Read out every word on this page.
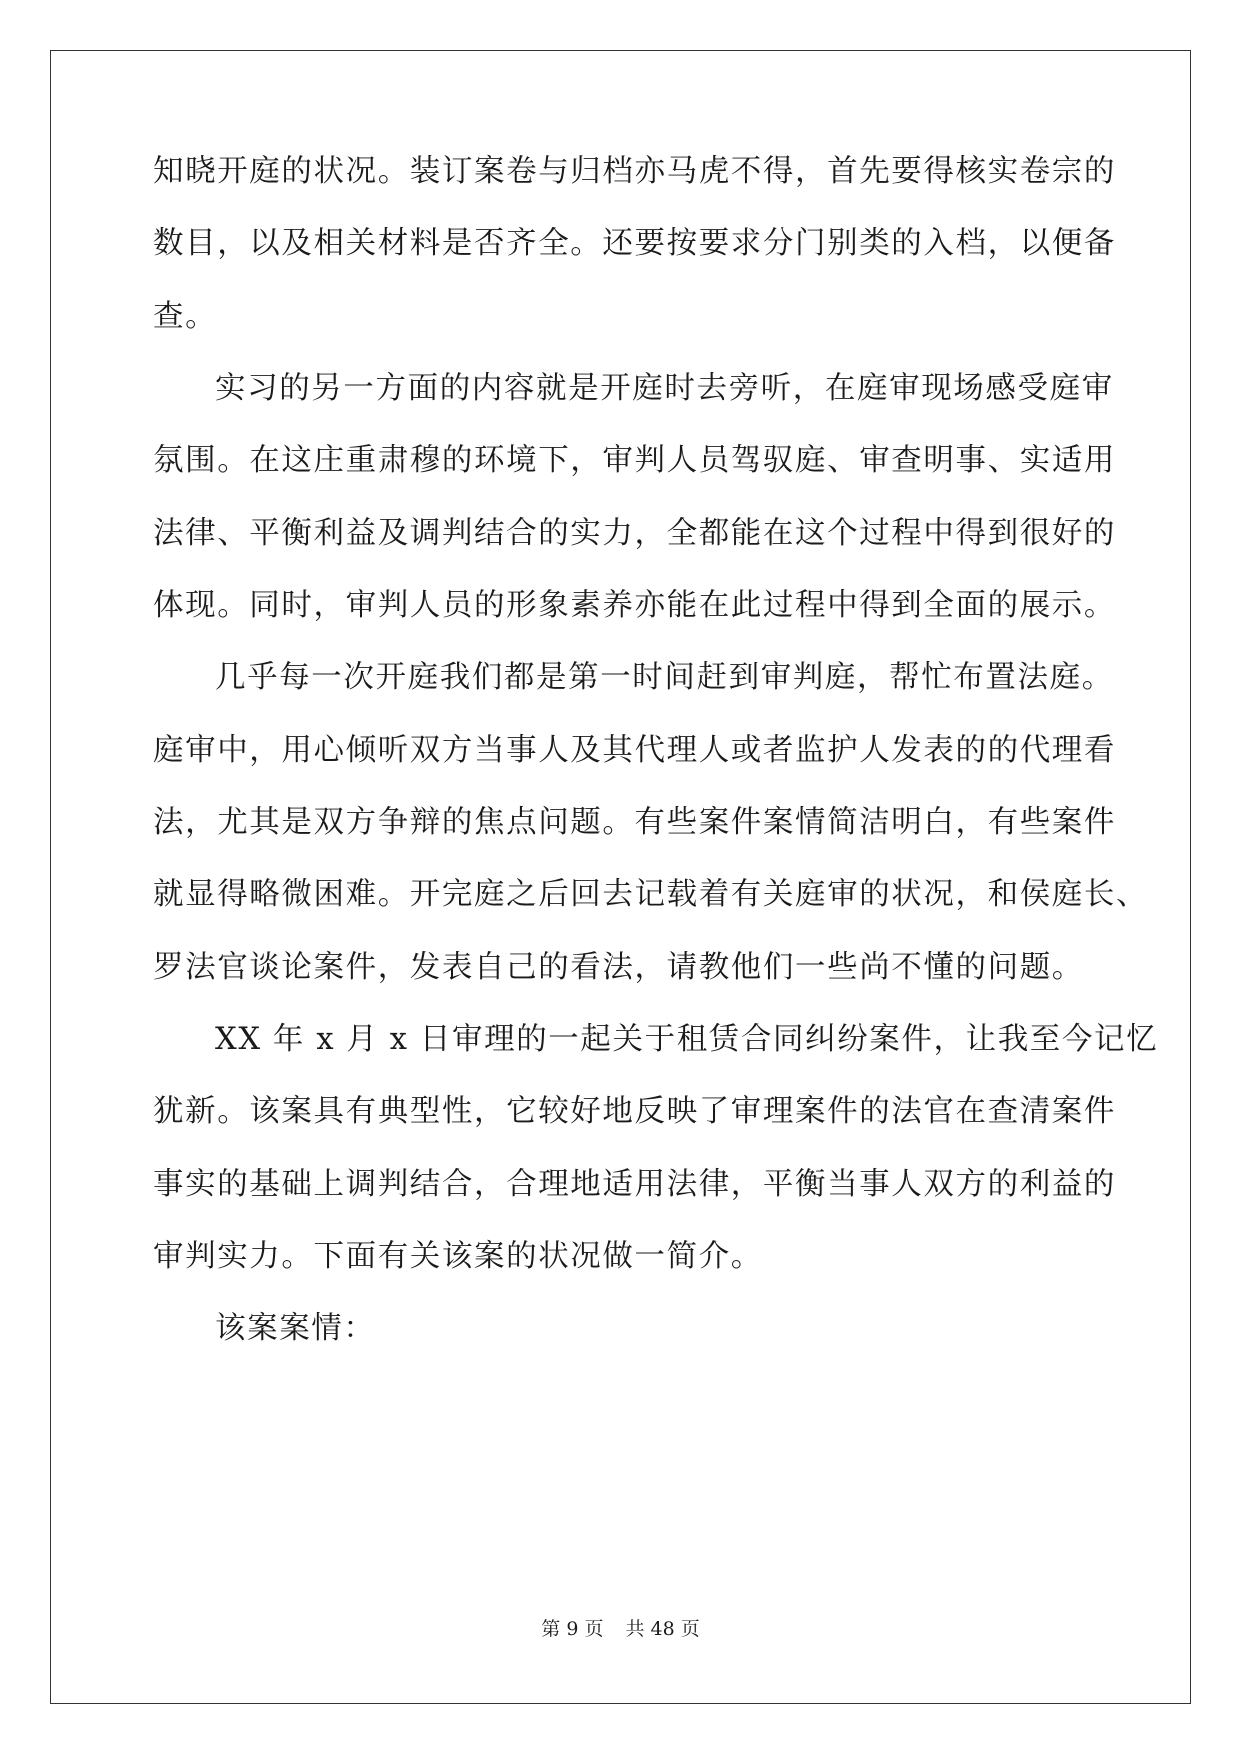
知晓开庭的状况。装订案卷与归档亦马虎不得，首先要得核实卷宗的
数目，以及相关材料是否齐全。还要按要求分门别类的入档，以便备
查。
实习的另一方面的内容就是开庭时去旁听，在庭审现场感受庭审
氛围。在这庄重肃穆的环境下，审判人员驾驭庭、审查明事、实适用
法律、平衡利益及调判结合的实力，全都能在这个过程中得到很好的
体现。同时，审判人员的形象素养亦能在此过程中得到全面的展示。
几乎每一次开庭我们都是第一时间赶到审判庭，帮忙布置法庭。
庭审中，用心倾听双方当事人及其代理人或者监护人发表的的代理看
法，尤其是双方争辩的焦点问题。有些案件案情简洁明白，有些案件
就显得略微困难。开完庭之后回去记载着有关庭审的状况，和侯庭长、
罗法官谈论案件，发表自己的看法，请教他们一些尚不懂的问题。
XX 年 x 月 x 日审理的一起关于租赁合同纠纷案件，让我至今记忆
犹新。该案具有典型性，它较好地反映了审理案件的法官在查清案件
事实的基础上调判结合，合理地适用法律，平衡当事人双方的利益的
审判实力。下面有关该案的状况做一简介。
该案案情：
第 9 页 共 48 页
